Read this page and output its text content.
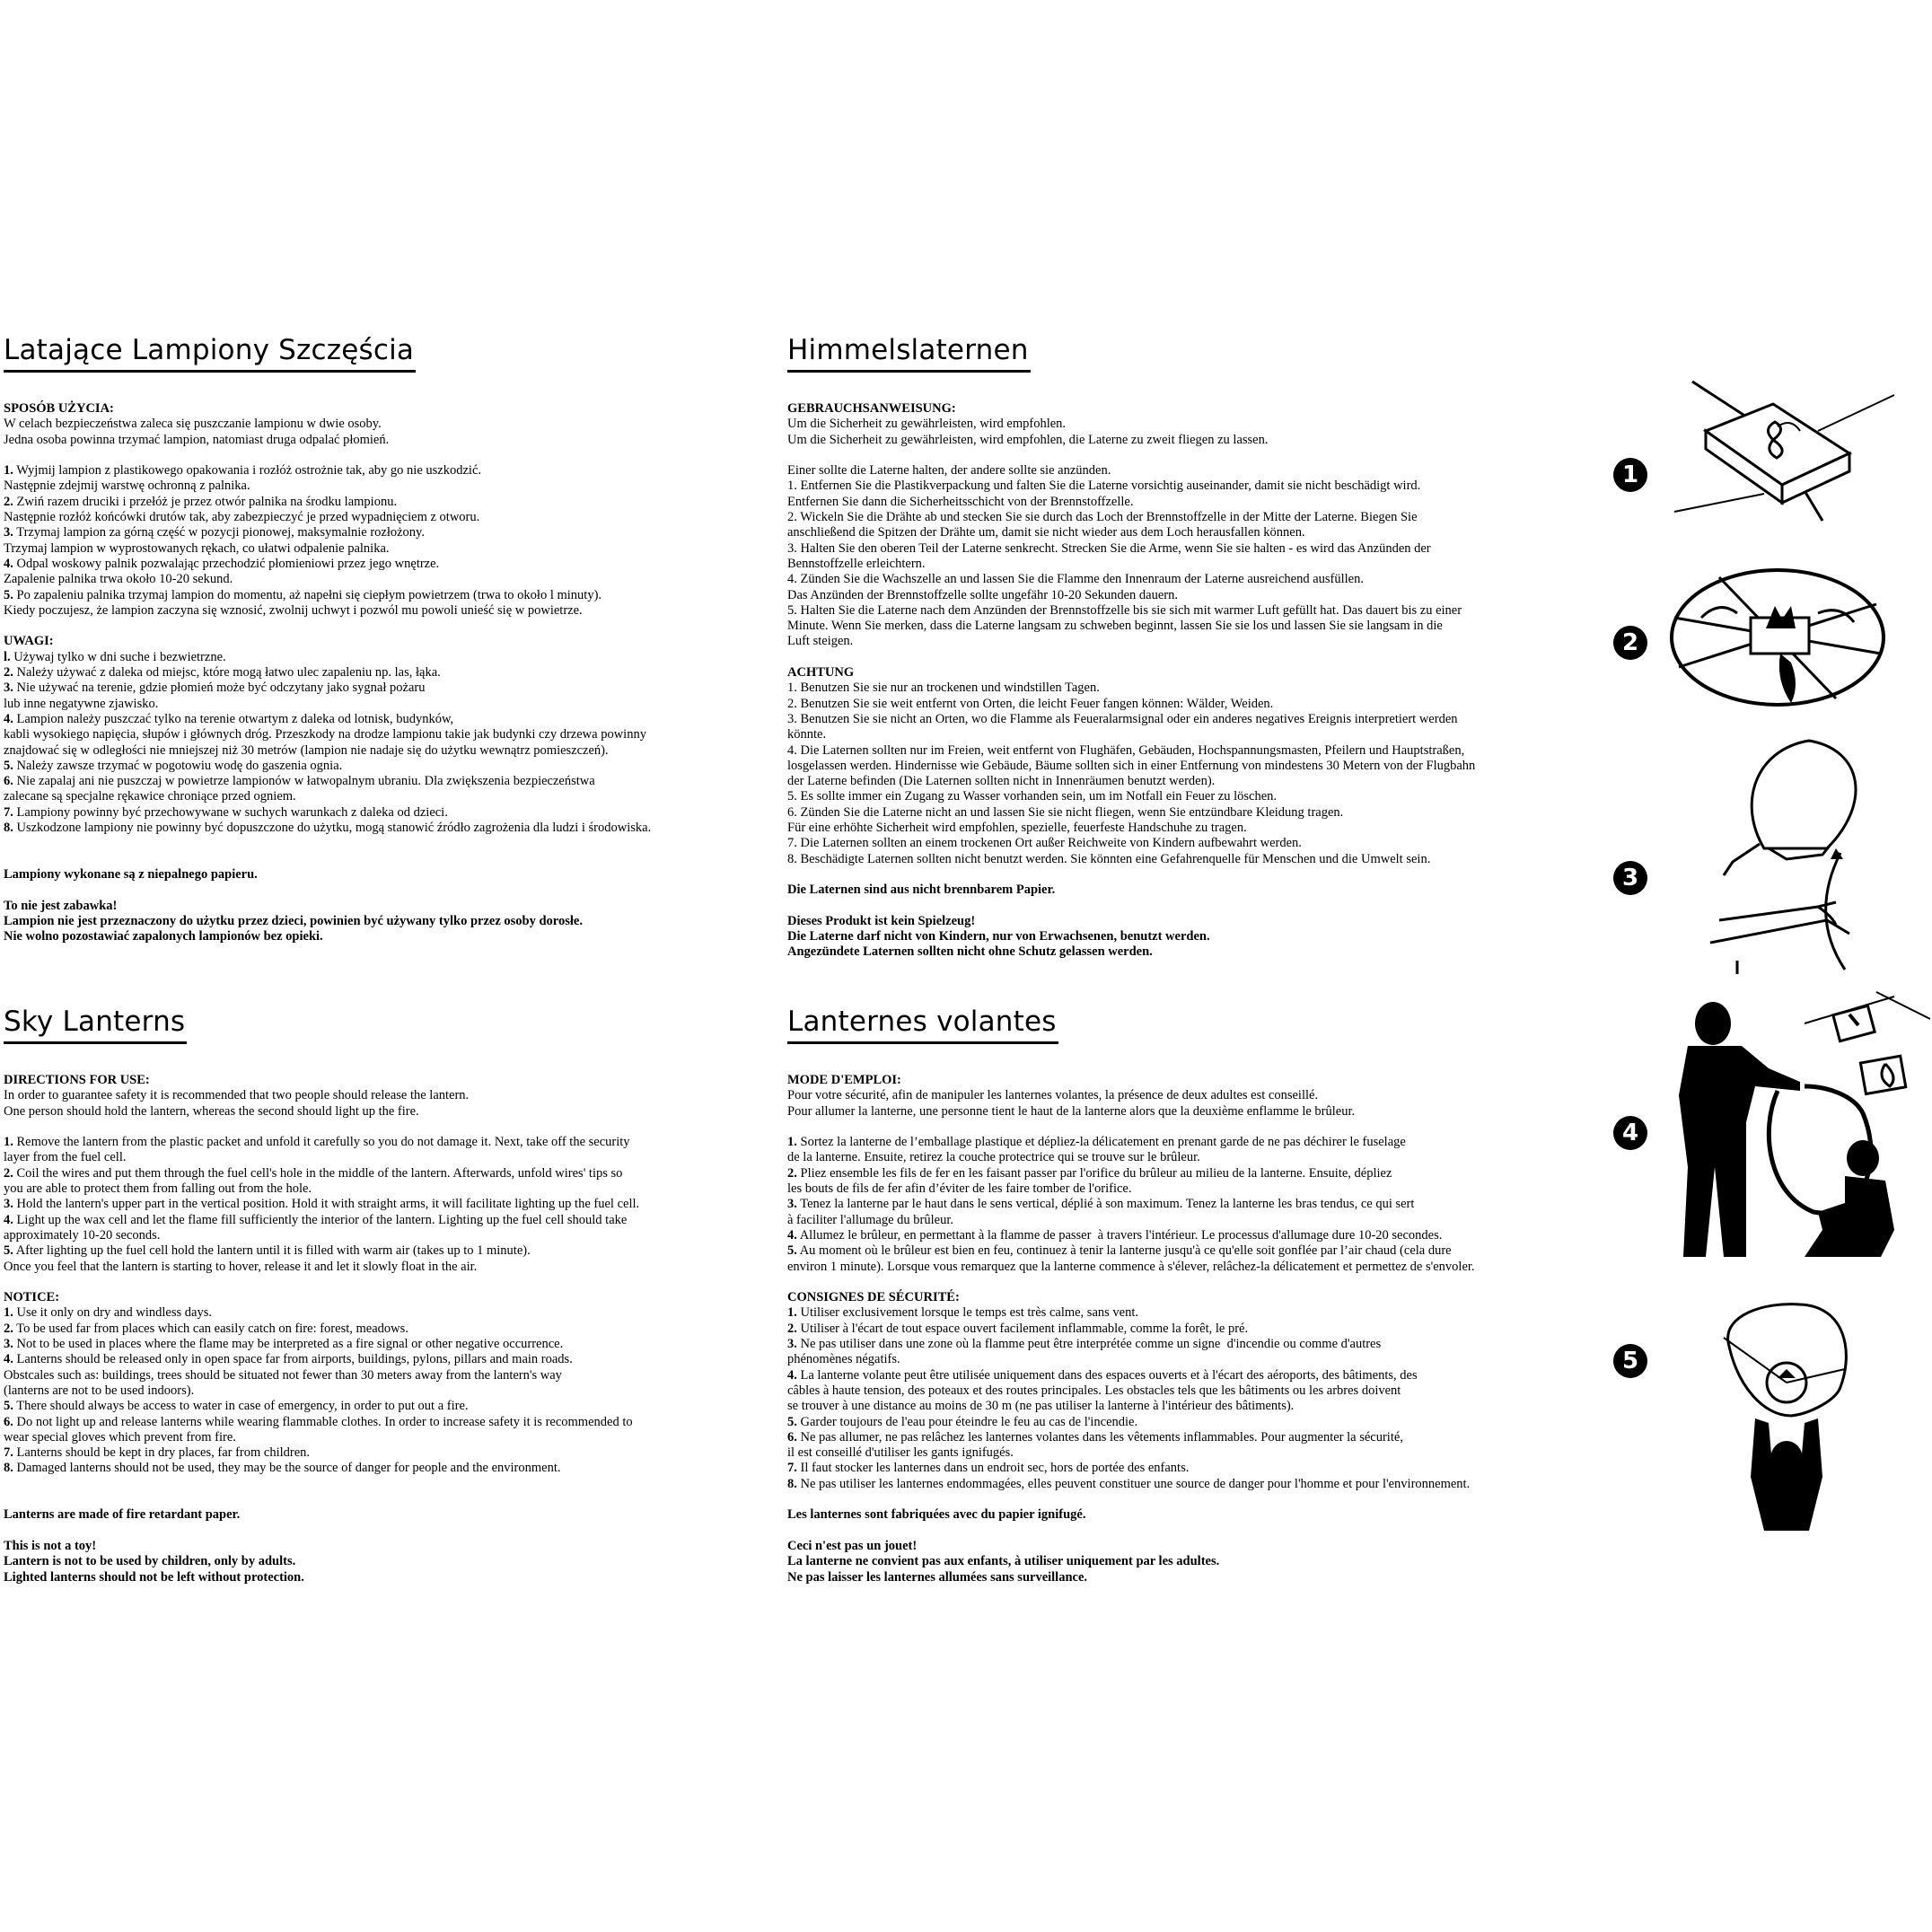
Latające Lampiony Szczęścia
SPOSÓB UŻYCIA:
W celach bezpieczeństwa zaleca się puszczanie lampionu w dwie osoby.
Jedna osoba powinna trzymać lampion, natomiast druga odpalać płomień.
1. Wyjmij lampion z plastikowego opakowania i rozłóż ostrożnie tak, aby go nie uszkodzić.
Następnie zdejmij warstwę ochronną z palnika.
2. Zwiń razem druciki i przełóż je przez otwór palnika na środku lampionu.
Następnie rozłóż końcówki drutów tak, aby zabezpieczyć je przed wypadnięciem z otworu.
3. Trzymaj lampion za górną część w pozycji pionowej, maksymalnie rozłożony.
Trzymaj lampion w wyprostowanych rękach, co ułatwi odpalenie palnika.
4. Odpal woskowy palnik pozwalając przechodzić płomieniowi przez jego wnętrze.
Zapalenie palnika trwa około 10-20 sekund.
5. Po zapaleniu palnika trzymaj lampion do momentu, aż napełni się ciepłym powietrzem (trwa to około l minuty).
Kiedy poczujesz, że lampion zaczyna się wznosić, zwolnij uchwyt i pozwól mu powoli unieść się w powietrze.
UWAGI:
l. Używaj tylko w dni suche i bezwietrzne.
2. Należy używać z daleka od miejsc, które mogą łatwo ulec zapaleniu np. las, łąka.
3. Nie używać na terenie, gdzie płomień może być odczytany jako sygnał pożaru
lub inne negatywne zjawisko.
4. Lampion należy puszczać tylko na terenie otwartym z daleka od lotnisk, budynków,
kabli wysokiego napięcia, słupów i głównych dróg. Przeszkody na drodze lampionu takie jak budynki czy drzewa powinny
znajdować się w odległości nie mniejszej niż 30 metrów (lampion nie nadaje się do użytku wewnątrz pomieszczeń).
5. Należy zawsze trzymać w pogotowiu wodę do gaszenia ognia.
6. Nie zapalaj ani nie puszczaj w powietrze lampionów w łatwopalnym ubraniu. Dla zwiększenia bezpieczeństwa
zalecane są specjalne rękawice chroniące przed ogniem.
7. Lampiony powinny być przechowywane w suchych warunkach z daleka od dzieci.
8. Uszkodzone lampiony nie powinny być dopuszczone do użytku, mogą stanowić źródło zagrożenia dla ludzi i środowiska.
Lampiony wykonane są z niepalnego papieru.
To nie jest zabawka!
Lampion nie jest przeznaczony do użytku przez dzieci, powinien być używany tylko przez osoby dorosłe.
Nie wolno pozostawiać zapalonych lampionów bez opieki.
Himmelslaternen
GEBRAUCHSANWEISUNG:
Um die Sicherheit zu gewährleisten, wird empfohlen.
Um die Sicherheit zu gewährleisten, wird empfohlen, die Laterne zu zweit fliegen zu lassen.
Einer sollte die Laterne halten, der andere sollte sie anzünden.
1. Entfernen Sie die Plastikverpackung und falten Sie die Laterne vorsichtig auseinander, damit sie nicht beschädigt wird.
Entfernen Sie dann die Sicherheitsschicht von der Brennstoffzelle.
2. Wickeln Sie die Drähte ab und stecken Sie sie durch das Loch der Brennstoffzelle in der Mitte der Laterne. Biegen Sie
anschließend die Spitzen der Drähte um, damit sie nicht wieder aus dem Loch herausfallen können.
3. Halten Sie den oberen Teil der Laterne senkrecht. Strecken Sie die Arme, wenn Sie sie halten - es wird das Anzünden der
Bennstoffzelle erleichtern.
4. Zünden Sie die Wachszelle an und lassen Sie die Flamme den Innenraum der Laterne ausreichend ausfüllen.
Das Anzünden der Brennstoffzelle sollte ungefähr 10-20 Sekunden dauern.
5. Halten Sie die Laterne nach dem Anzünden der Brennstoffzelle bis sie sich mit warmer Luft gefüllt hat. Das dauert bis zu einer
Minute. Wenn Sie merken, dass die Laterne langsam zu schweben beginnt, lassen Sie sie los und lassen Sie sie langsam in die
Luft steigen.
ACHTUNG
1. Benutzen Sie sie nur an trockenen und windstillen Tagen.
2. Benutzen Sie sie weit entfernt von Orten, die leicht Feuer fangen können: Wälder, Weiden.
3. Benutzen Sie sie nicht an Orten, wo die Flamme als Feueralarmsignal oder ein anderes negatives Ereignis interpretiert werden
könnte.
4. Die Laternen sollten nur im Freien, weit entfernt von Flughäfen, Gebäuden, Hochspannungsmasten, Pfeilern und Hauptstraßen,
losgelassen werden. Hindernisse wie Gebäude, Bäume sollten sich in einer Entfernung von mindestens 30 Metern von der Flugbahn
der Laterne befinden (Die Laternen sollten nicht in Innenräumen benutzt werden).
5. Es sollte immer ein Zugang zu Wasser vorhanden sein, um im Notfall ein Feuer zu löschen.
6. Zünden Sie die Laterne nicht an und lassen Sie sie nicht fliegen, wenn Sie entzündbare Kleidung tragen.
Für eine erhöhte Sicherheit wird empfohlen, spezielle, feuerfeste Handschuhe zu tragen.
7. Die Laternen sollten an einem trockenen Ort außer Reichweite von Kindern aufbewahrt werden.
8. Beschädigte Laternen sollten nicht benutzt werden. Sie könnten eine Gefahrenquelle für Menschen und die Umwelt sein.
Die Laternen sind aus nicht brennbarem Papier.
Dieses Produkt ist kein Spielzeug!
Die Laterne darf nicht von Kindern, nur von Erwachsenen, benutzt werden.
Angezündete Laternen sollten nicht ohne Schutz gelassen werden.
Sky Lanterns
DIRECTIONS FOR USE:
In order to guarantee safety it is recommended that two people should release the lantern.
One person should hold the lantern, whereas the second should light up the fire.
1. Remove the lantern from the plastic packet and unfold it carefully so you do not damage it. Next, take off the security
layer from the fuel cell.
2. Coil the wires and put them through the fuel cell's hole in the middle of the lantern. Afterwards, unfold wires' tips so
you are able to protect them from falling out from the hole.
3. Hold the lantern's upper part in the vertical position. Hold it with straight arms, it will facilitate lighting up the fuel cell.
4. Light up the wax cell and let the flame fill sufficiently the interior of the lantern. Lighting up the fuel cell should take
approximately 10-20 seconds.
5. After lighting up the fuel cell hold the lantern until it is filled with warm air (takes up to 1 minute).
Once you feel that the lantern is starting to hover, release it and let it slowly float in the air.
NOTICE:
1. Use it only on dry and windless days.
2. To be used far from places which can easily catch on fire: forest, meadows.
3. Not to be used in places where the flame may be interpreted as a fire signal or other negative occurrence.
4. Lanterns should be released only in open space far from airports, buildings, pylons, pillars and main roads.
Obstcales such as: buildings, trees should be situated not fewer than 30 meters away from the lantern's way
(lanterns are not to be used indoors).
5. There should always be access to water in case of emergency, in order to put out a fire.
6. Do not light up and release lanterns while wearing flammable clothes. In order to increase safety it is recommended to
wear special gloves which prevent from fire.
7. Lanterns should be kept in dry places, far from children.
8. Damaged lanterns should not be used, they may be the source of danger for people and the environment.
Lanterns are made of fire retardant paper.
This is not a toy!
Lantern is not to be used by children, only by adults.
Lighted lanterns should not be left without protection.
Lanternes volantes
MODE D'EMPLOI:
Pour votre sécurité, afin de manipuler les lanternes volantes, la présence de deux adultes est conseillé.
Pour allumer la lanterne, une personne tient le haut de la lanterne alors que la deuxième enflamme le brûleur.
1. Sortez la lanterne de l’emballage plastique et dépliez-la délicatement en prenant garde de ne pas déchirer le fuselage
de la lanterne. Ensuite, retirez la couche protectrice qui se trouve sur le brûleur.
2. Pliez ensemble les fils de fer en les faisant passer par l'orifice du brûleur au milieu de la lanterne. Ensuite, dépliez
les bouts de fils de fer afin d’éviter de les faire tomber de l'orifice.
3. Tenez la lanterne par le haut dans le sens vertical, déplié à son maximum. Tenez la lanterne les bras tendus, ce qui sert
à faciliter l'allumage du brûleur.
4. Allumez le brûleur, en permettant à la flamme de passer  à travers l'intérieur. Le processus d'allumage dure 10-20 secondes.
5. Au moment où le brûleur est bien en feu, continuez à tenir la lanterne jusqu'à ce qu'elle soit gonflée par l’air chaud (cela dure
environ 1 minute). Lorsque vous remarquez que la lanterne commence à s'élever, relâchez-la délicatement et permettez de s'envoler.
CONSIGNES DE SÉCURITÉ:
1. Utiliser exclusivement lorsque le temps est très calme, sans vent.
2. Utiliser à l'écart de tout espace ouvert facilement inflammable, comme la forêt, le pré.
3. Ne pas utiliser dans une zone où la flamme peut être interprétée comme un signe  d'incendie ou comme d'autres
phénomènes négatifs.
4. La lanterne volante peut être utilisée uniquement dans des espaces ouverts et à l'écart des aéroports, des bâtiments, des
câbles à haute tension, des poteaux et des routes principales. Les obstacles tels que les bâtiments ou les arbres doivent
se trouver à une distance au moins de 30 m (ne pas utiliser la lanterne à l'intérieur des bâtiments).
5. Garder toujours de l'eau pour éteindre le feu au cas de l'incendie.
6. Ne pas allumer, ne pas relâchez les lanternes volantes dans les vêtements inflammables. Pour augmenter la sécurité,
il est conseillé d'utiliser les gants ignifugés.
7. Il faut stocker les lanternes dans un endroit sec, hors de portée des enfants.
8. Ne pas utiliser les lanternes endommagées, elles peuvent constituer une source de danger pour l'homme et pour l'environnement.
Les lanternes sont fabriquées avec du papier ignifugé.
Ceci n'est pas un jouet!
La lanterne ne convient pas aux enfants, à utiliser uniquement par les adultes.
Ne pas laisser les lanternes allumées sans surveillance.
1
2
3
4
5
